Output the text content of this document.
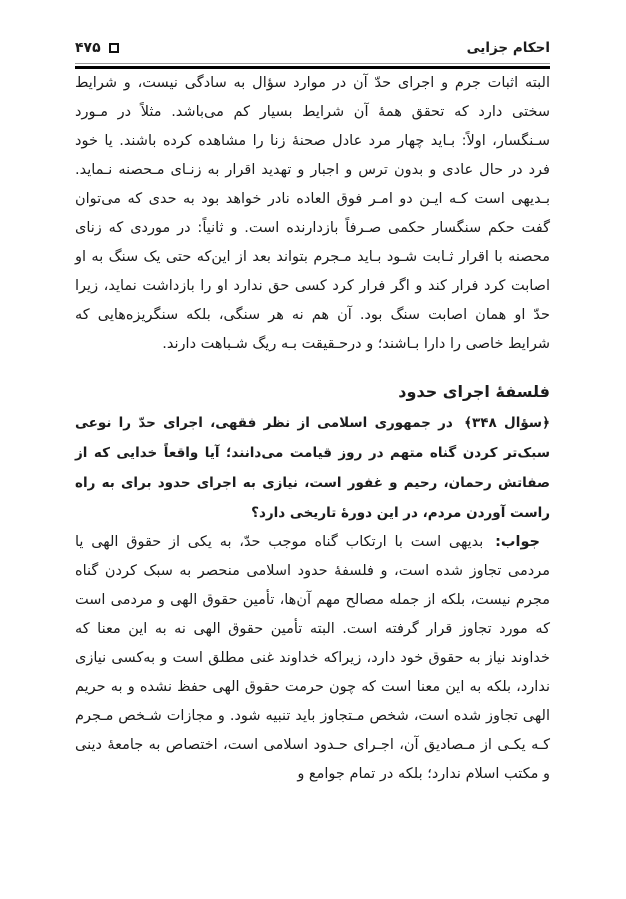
احکام جزایی
۴۷۵

البته اثبات جرم و اجرای حدّ آن در موارد سؤال به سادگی نیست، و شرایط سختی دارد که تحقق همۀ آن شرایط بسیار کم می‌باشد. مثلاً در مـورد سـنگسار، اولاً: بـاید چهار مرد عادل صحنۀ زنا را مشاهده کرده باشند. یا خود فرد در حال عادی و بدون ترس و اجبار و تهدید اقرار به زنـای مـحصنه نـماید. بـدیهی است کـه ایـن دو امـر فوق العاده نادر خواهد بود به حدی که می‌توان گفت حکم سنگسار حکمی صـرفاً بازدارنده است. و ثانیاً: در موردی که زنای محصنه با اقرار ثـابت شـود بـاید مـجرم بتواند بعد از این‌که حتی یک سنگ به او اصابت کرد فرار کند و اگر فرار کرد کسی حق ندارد او را بازداشت نماید، زیرا حدّ او همان اصابت سنگ بود. آن هم نه هر سنگی، بلکه سنگریزه‌هایی که شرایط خاصی را دارا بـاشند؛ و درحـقیقت بـه ریگ شـباهت دارند.

فلسفۀ اجرای حدود

﴿سؤال ۳۴۸﴾ در جمهوری اسلامی از نظر فقهی، اجرای حدّ را نوعی سبک‌تر کردن گناه متهم در روز قیامت می‌دانند؛ آیا واقعاً خدایی که از صفاتش رحمان، رحیم و غفور است، نیازی به اجرای حدود برای به راه راست آوردن مردم، در این دورۀ تاریخی دارد؟

جواب: بدیهی است با ارتکاب گناه موجب حدّ، به یکی از حقوق الهی یا مردمی تجاوز شده است، و فلسفۀ حدود اسلامی منحصر به سبک کردن گناه مجرم نیست، بلکه از جمله مصالح مهم آن‌ها، تأمین حقوق الهی و مردمی است که مورد تجاوز قرار گرفته است. البته تأمین حقوق الهی نه به این معنا که خداوند نیاز به حقوق خود دارد، زیراکه خداوند غنی مطلق است و به‌کسی نیازی ندارد، بلکه به این معنا است که چون حرمت حقوق الهی حفظ نشده و به حریم الهی تجاوز شده است، شخص مـتجاوز باید تنبیه شود. و مجازات شـخص مـجرم کـه یکـی از مـصادیق آن، اجـرای حـدود اسلامی است، اختصاص به جامعۀ دینی و مکتب اسلام ندارد؛ بلکه در تمام جوامع و
